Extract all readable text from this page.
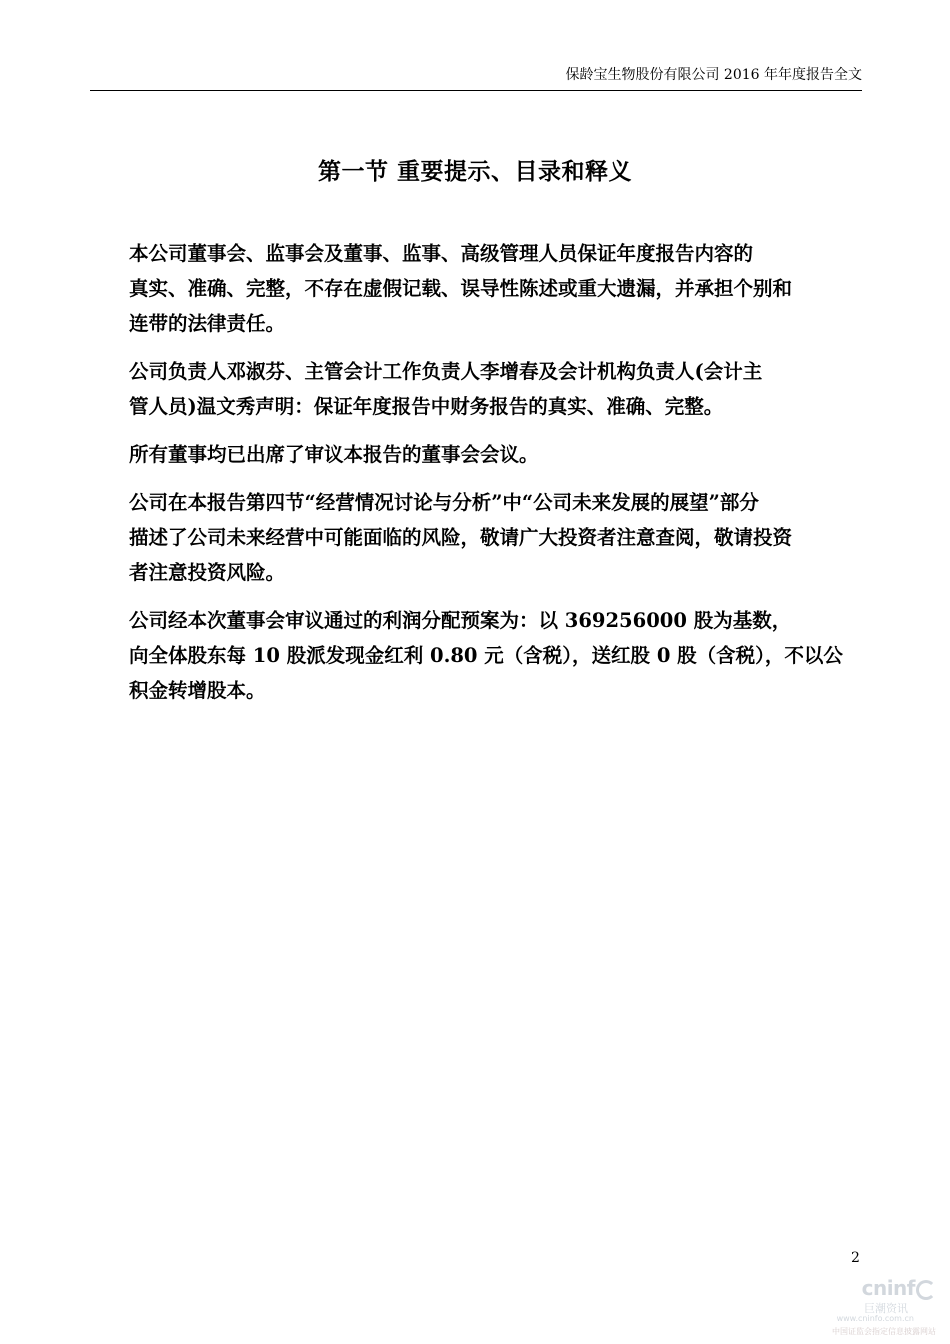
保龄宝生物股份有限公司 2016 年年度报告全文
第一节 重要提示、目录和释义

本公司董事会、监事会及董事、监事、高级管理人员保证年度报告内容的
真实、准确、完整，不存在虚假记载、误导性陈述或重大遗漏，并承担个别和
连带的法律责任。

公司负责人邓淑芬、主管会计工作负责人李增春及会计机构负责人(会计主
管人员)温文秀声明：保证年度报告中财务报告的真实、准确、完整。

所有董事均已出席了审议本报告的董事会会议。

公司在本报告第四节“经营情况讨论与分析”中“公司未来发展的展望”部分
描述了公司未来经营中可能面临的风险，敬请广大投资者注意查阅，敬请投资
者注意投资风险。

公司经本次董事会审议通过的利润分配预案为：以 369256000 股为基数，
向全体股东每 10 股派发现金红利 0.80 元（含税），送红股 0 股（含税），不以公
积金转增股本。

2
cninf
巨潮资讯
www.cninfo.com.cn
中国证监会指定信息披露网站
